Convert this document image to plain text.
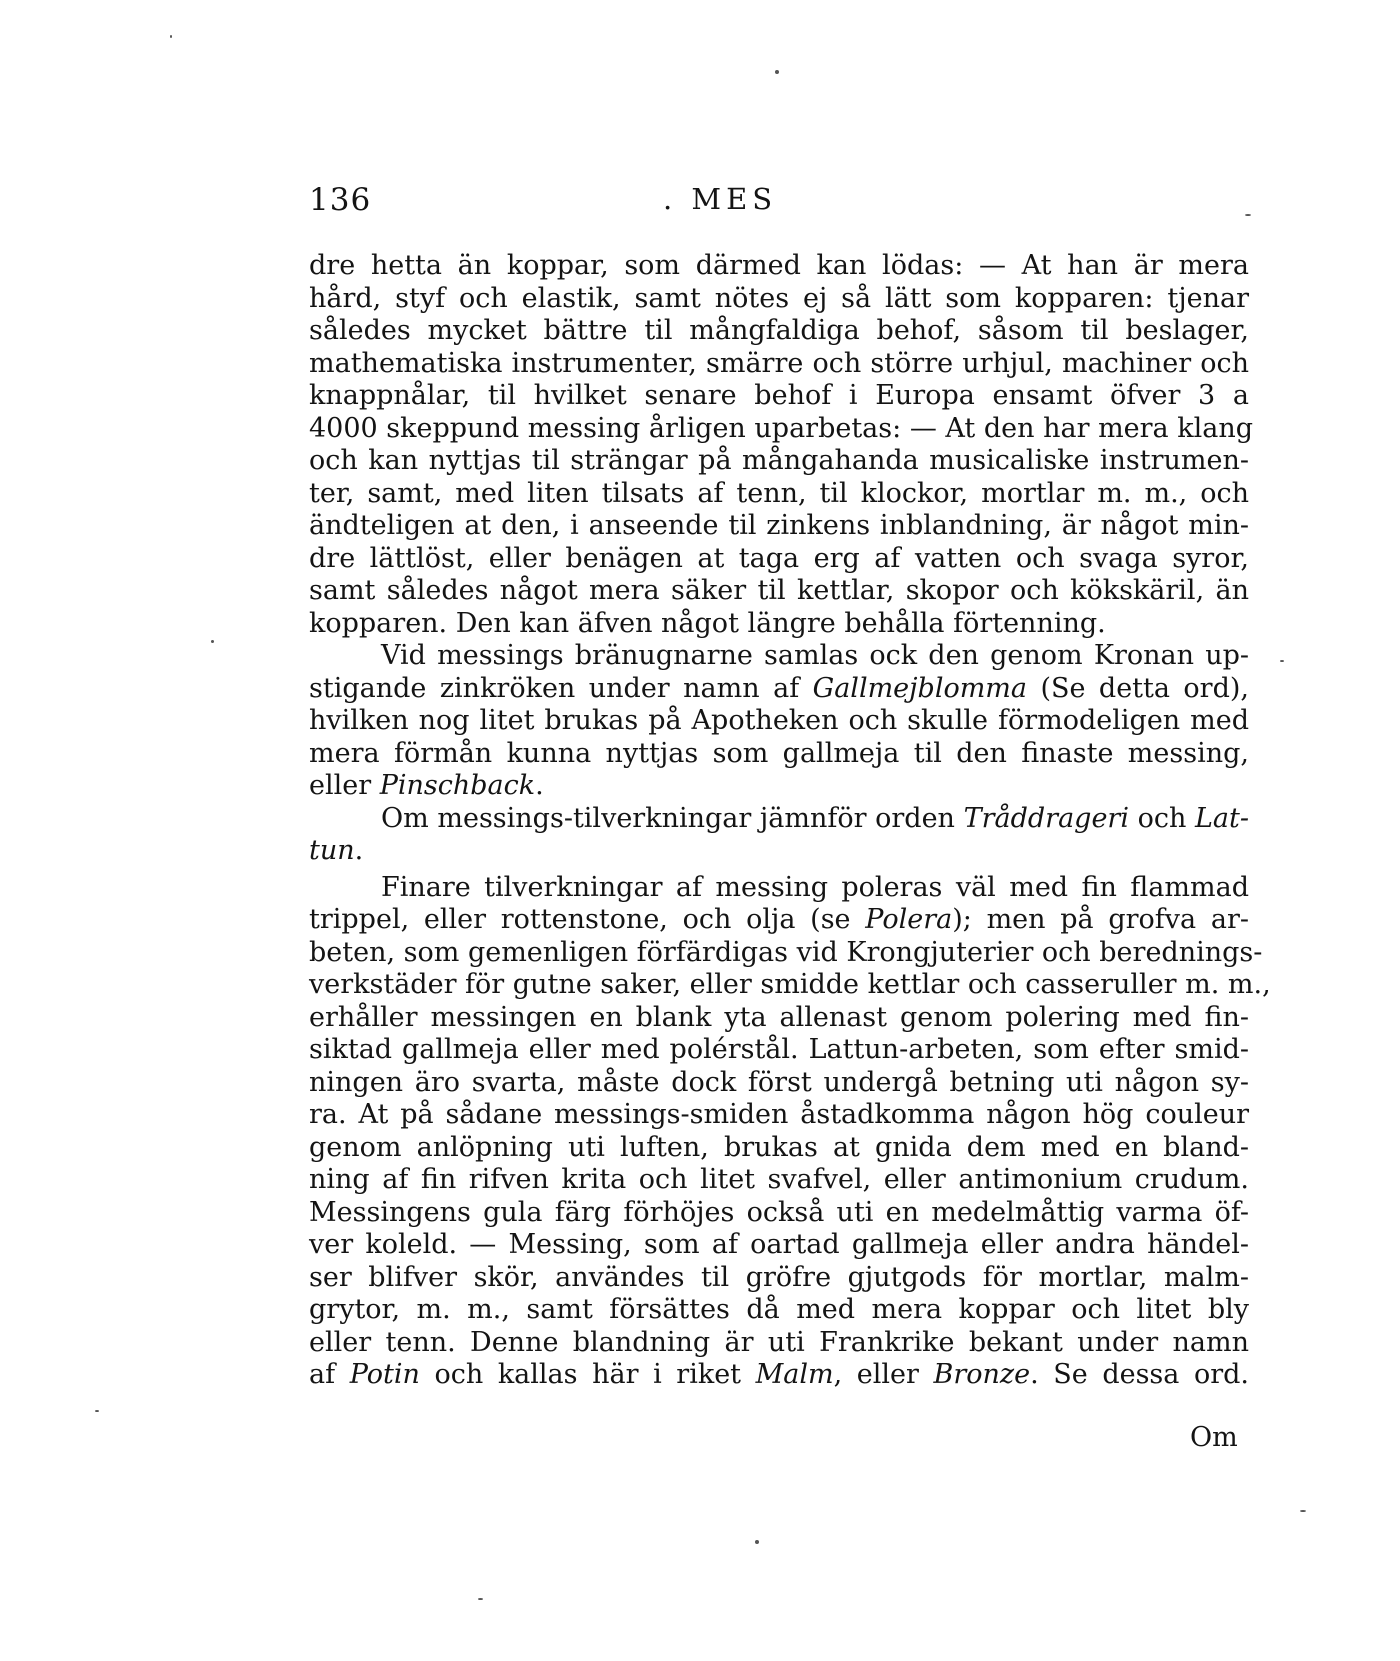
136	. MES
dre hetta än koppar, som därmed kan lödas: — At han är mera
hård, styf och elastik, samt nötes ej så lätt som kopparen: tjenar
således mycket bättre til mångfaldiga behof, såsom til beslager,
mathematiska instrumenter, smärre och större urhjul, machiner och
knappnålar, til hvilket senare behof i Europa ensamt öfver 3 a
4000 skeppund messing årligen uparbetas: — At den har mera klang
och kan nyttjas til strängar på mångahanda musicaliske instrumen-
ter, samt, med liten tilsats af tenn, til klockor, mortlar m. m., och
ändteligen at den, i anseende til zinkens inblandning, är något min-
dre lättlöst, eller benägen at taga erg af vatten och svaga syror,
samt således något mera säker til kettlar, skopor och kökskäril, än
kopparen. Den kan äfven något längre behålla förtenning.
Vid messings bränugnarne samlas ock den genom Kronan up-
stigande zinkröken under namn af Gallmejblomma (Se detta ord),
hvilken nog litet brukas på Apotheken och skulle förmodeligen med
mera förmån kunna nyttjas som gallmeja til den finaste messing,
eller Pinschback.
Om messings-tilverkningar jämnför orden Tråddrageri och Lat-
tun.
Finare tilverkningar af messing poleras väl med fin flammad
trippel, eller rottenstone, och olja (se Polera); men på grofva ar-
beten, som gemenligen förfärdigas vid Krongjuterier och berednings-
verkstäder för gutne saker, eller smidde kettlar och casseruller m. m.,
erhåller messingen en blank yta allenast genom polering med fin-
siktad gallmeja eller med polérstål. Lattun-arbeten, som efter smid-
ningen äro svarta, måste dock först undergå betning uti någon sy-
ra. At på sådane messings-smiden åstadkomma någon hög couleur
genom anlöpning uti luften, brukas at gnida dem med en bland-
ning af fin rifven krita och litet svafvel, eller antimonium crudum.
Messingens gula färg förhöjes också uti en medelmåttig varma öf-
ver koleld. — Messing, som af oartad gallmeja eller andra händel-
ser blifver skör, användes til gröfre gjutgods för mortlar, malm-
grytor, m. m., samt försättes då med mera koppar och litet bly
eller tenn. Denne blandning är uti Frankrike bekant under namn
af Potin och kallas här i riket Malm, eller Bronze. Se dessa ord.
Om
